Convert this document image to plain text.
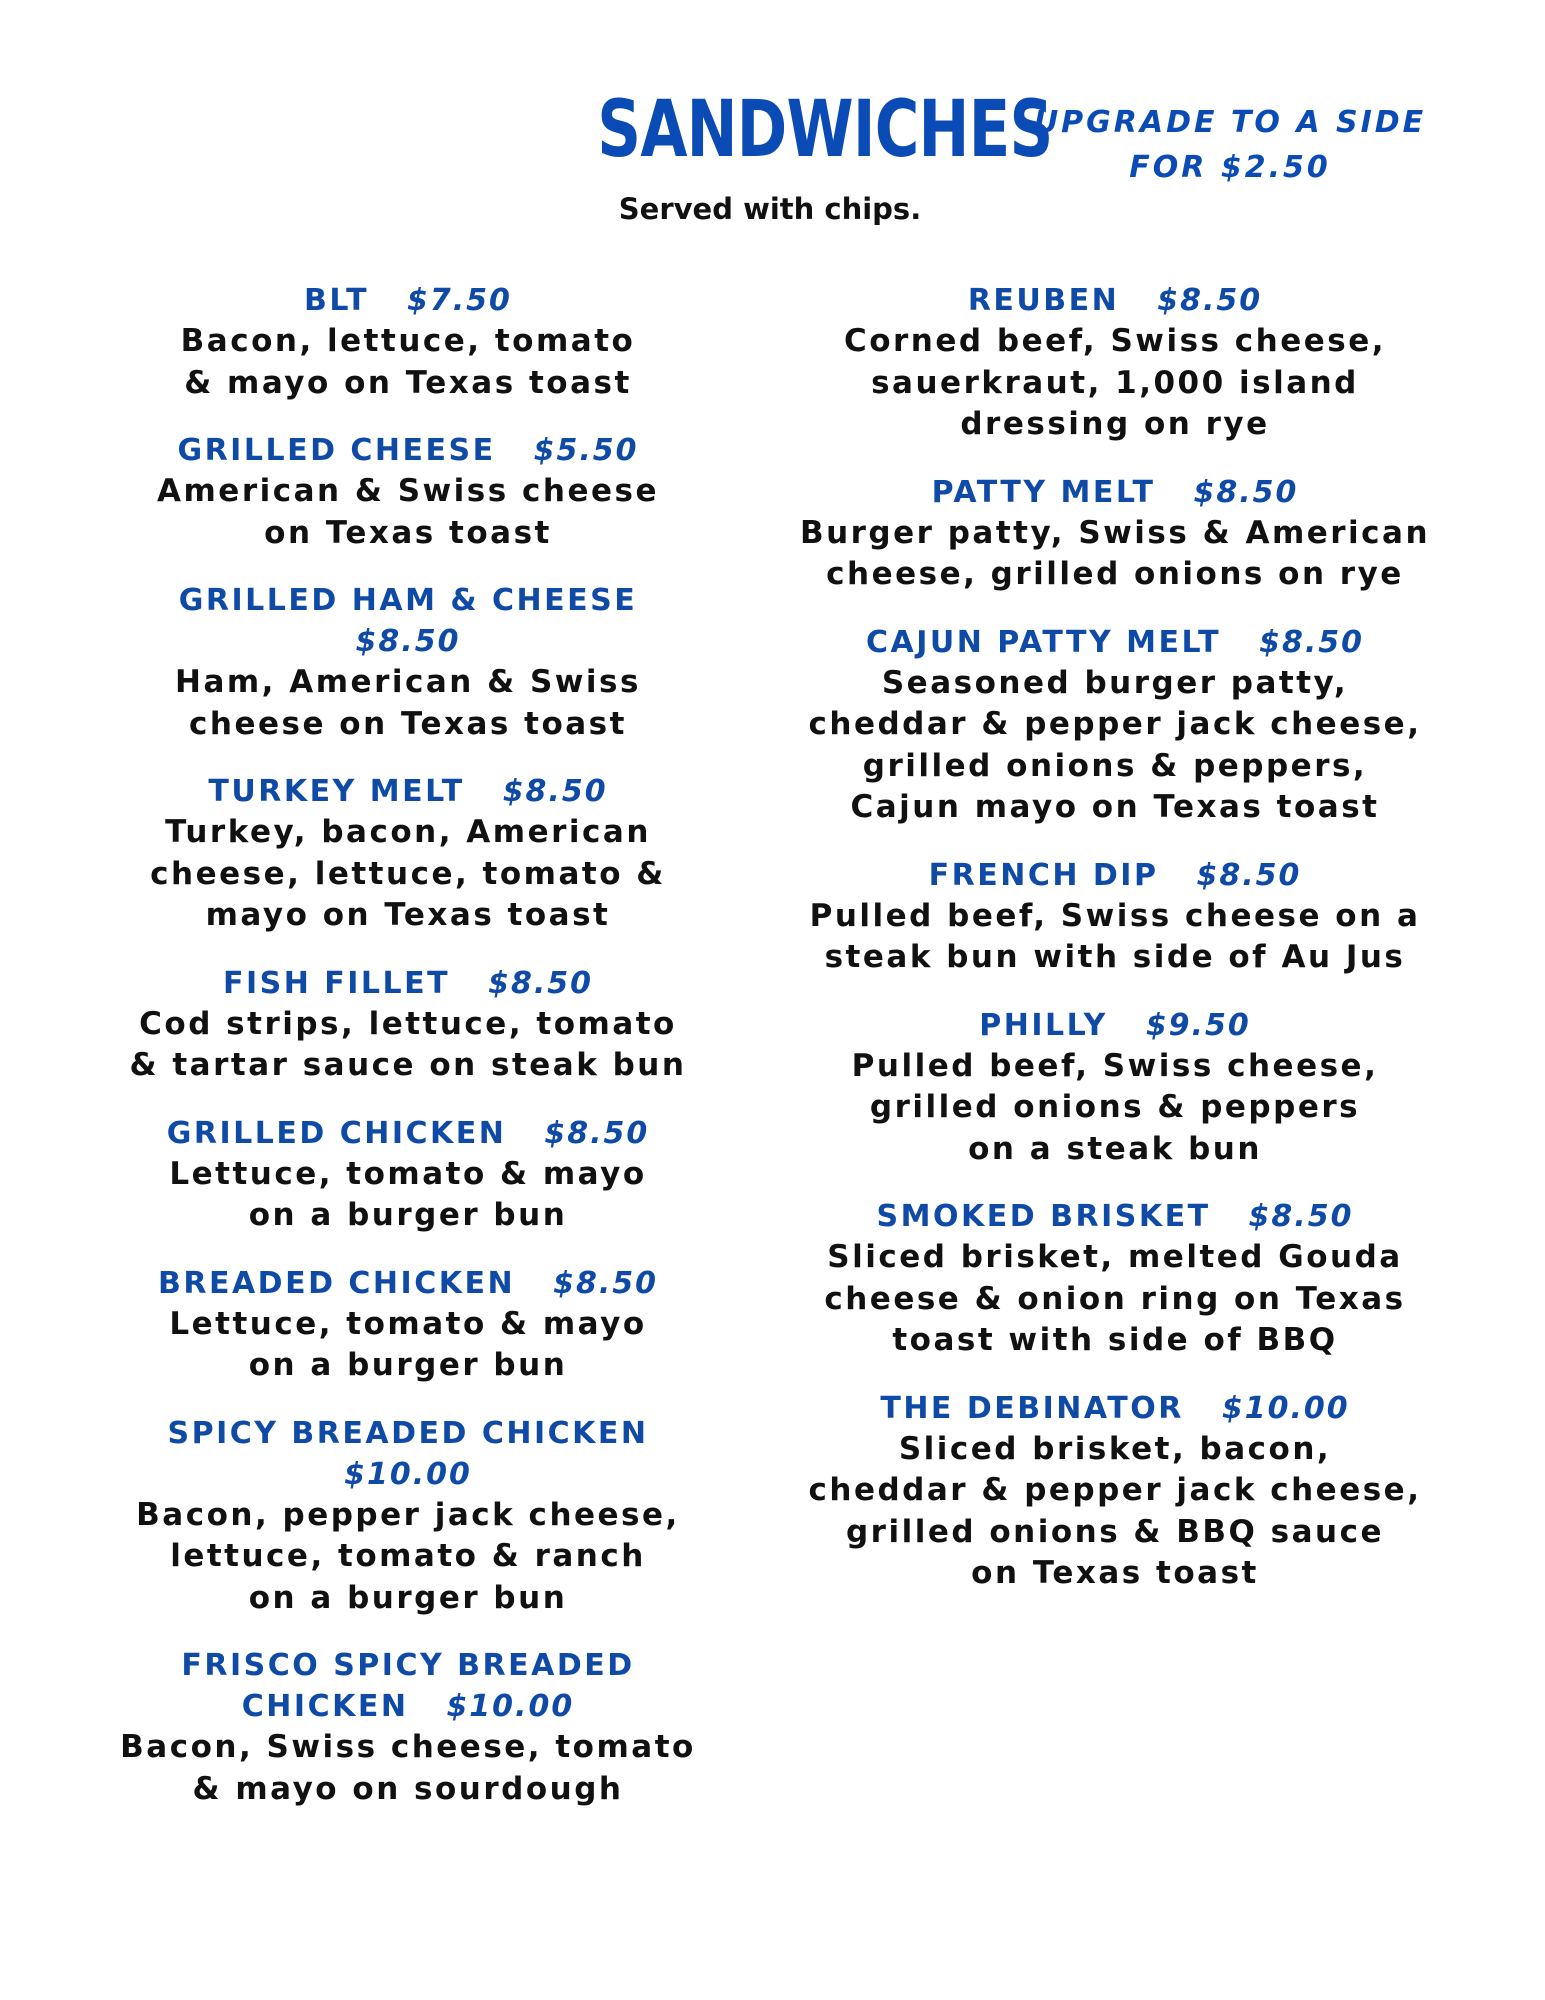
SANDWICHES
UPGRADE TO A SIDE
FOR $2.50
Served with chips.
BLT $7.50
Bacon, lettuce, tomato
& mayo on Texas toast
GRILLED CHEESE $5.50
American & Swiss cheese
on Texas toast
GRILLED HAM & CHEESE
$8.50
Ham, American & Swiss
cheese on Texas toast
TURKEY MELT $8.50
Turkey, bacon, American
cheese, lettuce, tomato &
mayo on Texas toast
FISH FILLET $8.50
Cod strips, lettuce, tomato
& tartar sauce on steak bun
GRILLED CHICKEN $8.50
Lettuce, tomato & mayo
on a burger bun
BREADED CHICKEN $8.50
Lettuce, tomato & mayo
on a burger bun
SPICY BREADED CHICKEN
$10.00
Bacon, pepper jack cheese,
lettuce, tomato & ranch
on a burger bun
FRISCO SPICY BREADED
CHICKEN $10.00
Bacon, Swiss cheese, tomato
& mayo on sourdough
REUBEN $8.50
Corned beef, Swiss cheese,
sauerkraut, 1,000 island
dressing on rye
PATTY MELT $8.50
Burger patty, Swiss & American
cheese, grilled onions on rye
CAJUN PATTY MELT $8.50
Seasoned burger patty,
cheddar & pepper jack cheese,
grilled onions & peppers,
Cajun mayo on Texas toast
FRENCH DIP $8.50
Pulled beef, Swiss cheese on a
steak bun with side of Au Jus
PHILLY $9.50
Pulled beef, Swiss cheese,
grilled onions & peppers
on a steak bun
SMOKED BRISKET $8.50
Sliced brisket, melted Gouda
cheese & onion ring on Texas
toast with side of BBQ
THE DEBINATOR $10.00
Sliced brisket, bacon,
cheddar & pepper jack cheese,
grilled onions & BBQ sauce
on Texas toast
